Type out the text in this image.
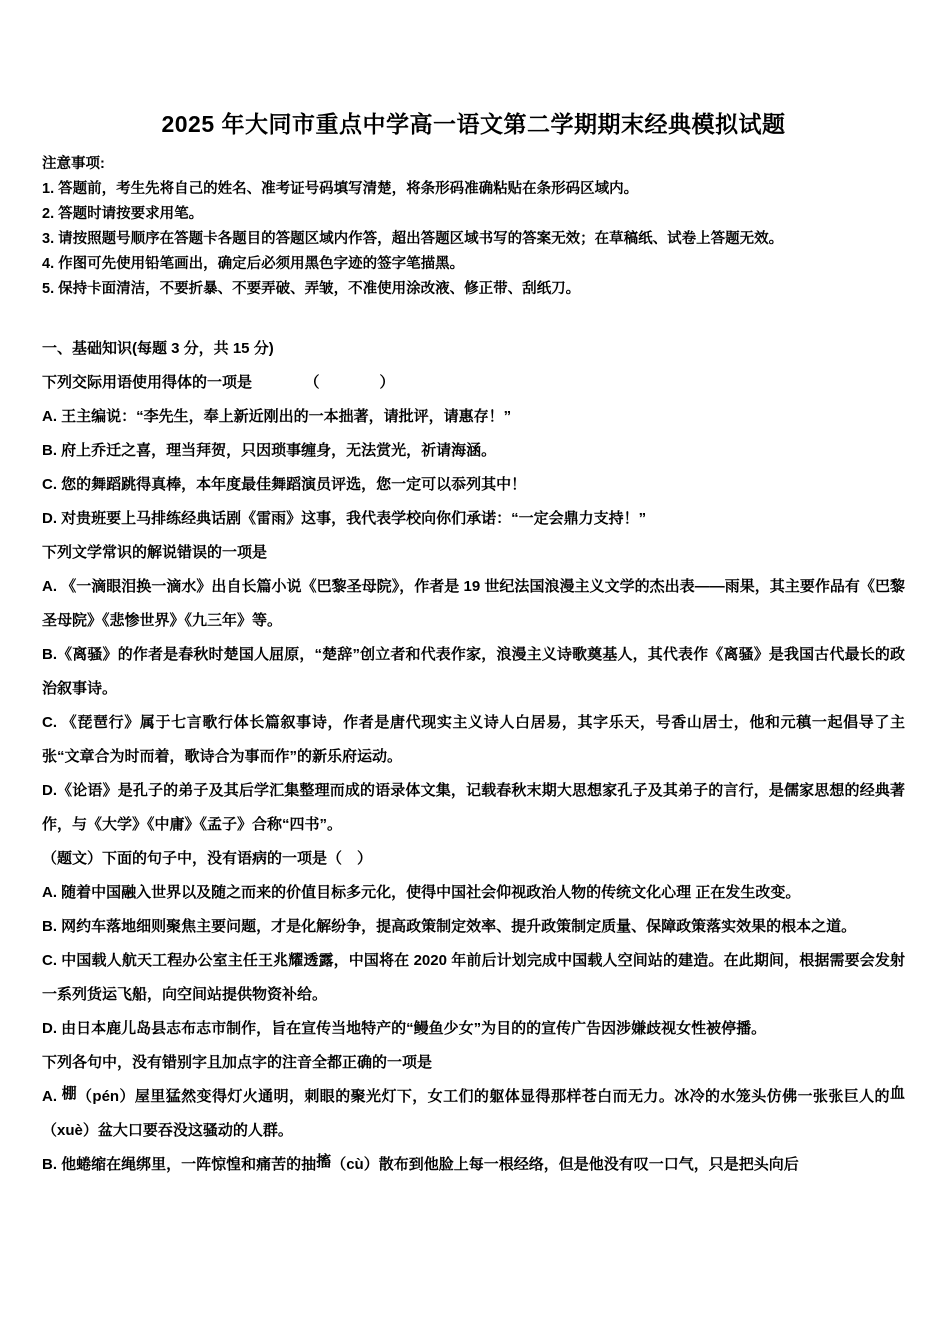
2025 年大同市重点中学高一语文第二学期期末经典模拟试题

注意事项:

1. 答题前，考生先将自己的姓名、准考证号码填写清楚，将条形码准确粘贴在条形码区域内。

2. 答题时请按要求用笔。

3. 请按照题号顺序在答题卡各题目的答题区域内作答，超出答题区域书写的答案无效；在草稿纸、试卷上答题无效。

4. 作图可先使用铅笔画出，确定后必须用黑色字迹的签字笔描黑。

5. 保持卡面清洁，不要折暴、不要弄破、弄皱，不准使用涂改液、修正带、刮纸刀。

一、基础知识(每题 3 分，共 15 分)

下列交际用语使用得体的一项是　　　　（　　　　）

A. 王主编说：“李先生，奉上新近刚出的一本拙著，请批评，请惠存！”

B. 府上乔迁之喜，理当拜贺，只因琐事缠身，无法赏光，祈请海涵。

C. 您的舞蹈跳得真棒，本年度最佳舞蹈演员评选，您一定可以忝列其中！

D. 对贵班要上马排练经典话剧《雷雨》这事，我代表学校向你们承诺：“一定会鼎力支持！”

下列文学常识的解说错误的一项是

A. 《一滴眼泪换一滴水》出自长篇小说《巴黎圣母院》，作者是 19 世纪法国浪漫主义文学的杰出表——雨果，其主要作品有《巴黎圣母院》《悲惨世界》《九三年》等。

B.《离骚》的作者是春秋时楚国人屈原，“楚辞”创立者和代表作家，浪漫主义诗歌奠基人，其代表作《离骚》是我国古代最长的政治叙事诗。

C. 《琵琶行》属于七言歌行体长篇叙事诗，作者是唐代现实主义诗人白居易，其字乐天，号香山居士，他和元稹一起倡导了主张“文章合为时而着，歌诗合为事而作”的新乐府运动。

D.《论语》是孔子的弟子及其后学汇集整理而成的语录体文集，记载春秋末期大思想家孔子及其弟子的言行，是儒家思想的经典著作，与《大学》《中庸》《孟子》合称“四书”。

（题文）下面的句子中，没有语病的一项是（　）

A. 随着中国融入世界以及随之而来的价值目标多元化，使得中国社会仰视政治人物的传统文化心理 正在发生改变。

B. 网约车落地细则聚焦主要问题，才是化解纷争，提高政策制定效率、提升政策制定质量、保障政策落实效果的根本之道。

C. 中国载人航天工程办公室主任王兆耀透露，中国将在 2020 年前后计划完成中国载人空间站的建造。在此期间，根据需要会发射一系列货运飞船，向空间站提供物资补给。

D. 由日本鹿儿岛县志布志市制作，旨在宣传当地特产的“鳗鱼少女”为目的的宣传广告因涉嫌歧视女性被停播。

下列各句中，没有错别字且加点字的注音全都正确的一项是

A. 棚（pén）屋里猛然变得灯火通明，刺眼的聚光灯下，女工们的躯体显得那样苍白而无力。冰冷的水笼头仿佛一张张巨人的血（xuè）盆大口要吞没这骚动的人群。

B. 他蜷缩在绳绑里，一阵惊惶和痛苦的抽搐（cù）散布到他脸上每一根经络，但是他没有叹一口气，只是把头向后
